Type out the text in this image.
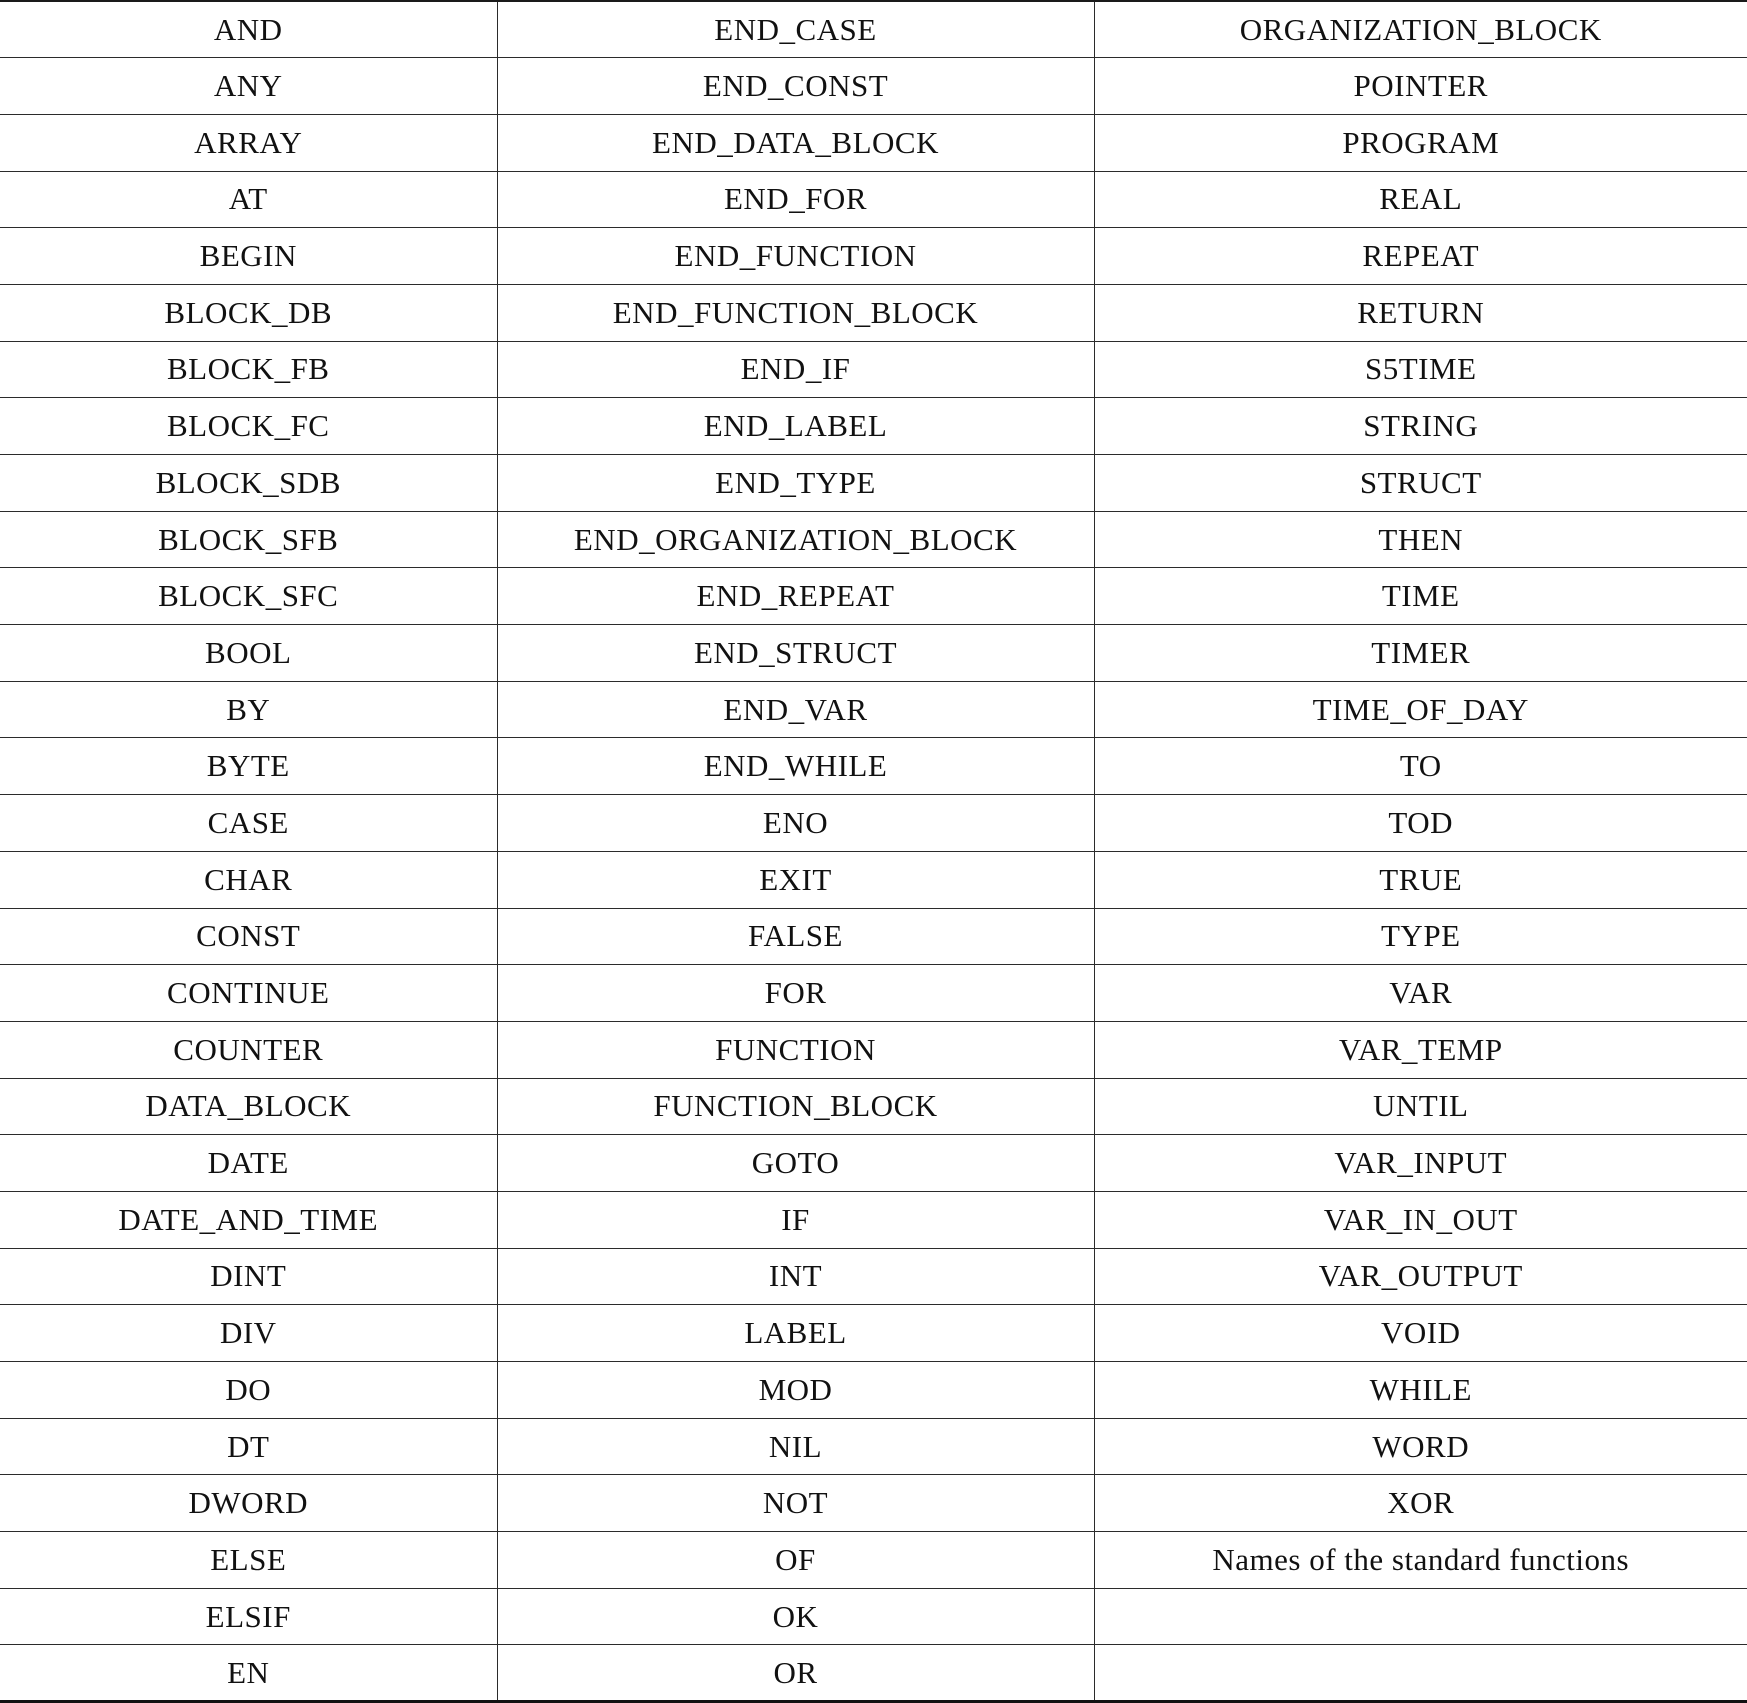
AND	END_CASE	ORGANIZATION_BLOCK
ANY	END_CONST	POINTER
ARRAY	END_DATA_BLOCK	PROGRAM
AT	END_FOR	REAL
BEGIN	END_FUNCTION	REPEAT
BLOCK_DB	END_FUNCTION_BLOCK	RETURN
BLOCK_FB	END_IF	S5TIME
BLOCK_FC	END_LABEL	STRING
BLOCK_SDB	END_TYPE	STRUCT
BLOCK_SFB	END_ORGANIZATION_BLOCK	THEN
BLOCK_SFC	END_REPEAT	TIME
BOOL	END_STRUCT	TIMER
BY	END_VAR	TIME_OF_DAY
BYTE	END_WHILE	TO
CASE	ENO	TOD
CHAR	EXIT	TRUE
CONST	FALSE	TYPE
CONTINUE	FOR	VAR
COUNTER	FUNCTION	VAR_TEMP
DATA_BLOCK	FUNCTION_BLOCK	UNTIL
DATE	GOTO	VAR_INPUT
DATE_AND_TIME	IF	VAR_IN_OUT
DINT	INT	VAR_OUTPUT
DIV	LABEL	VOID
DO	MOD	WHILE
DT	NIL	WORD
DWORD	NOT	XOR
ELSE	OF	Names of the standard functions
ELSIF	OK	
EN	OR	
